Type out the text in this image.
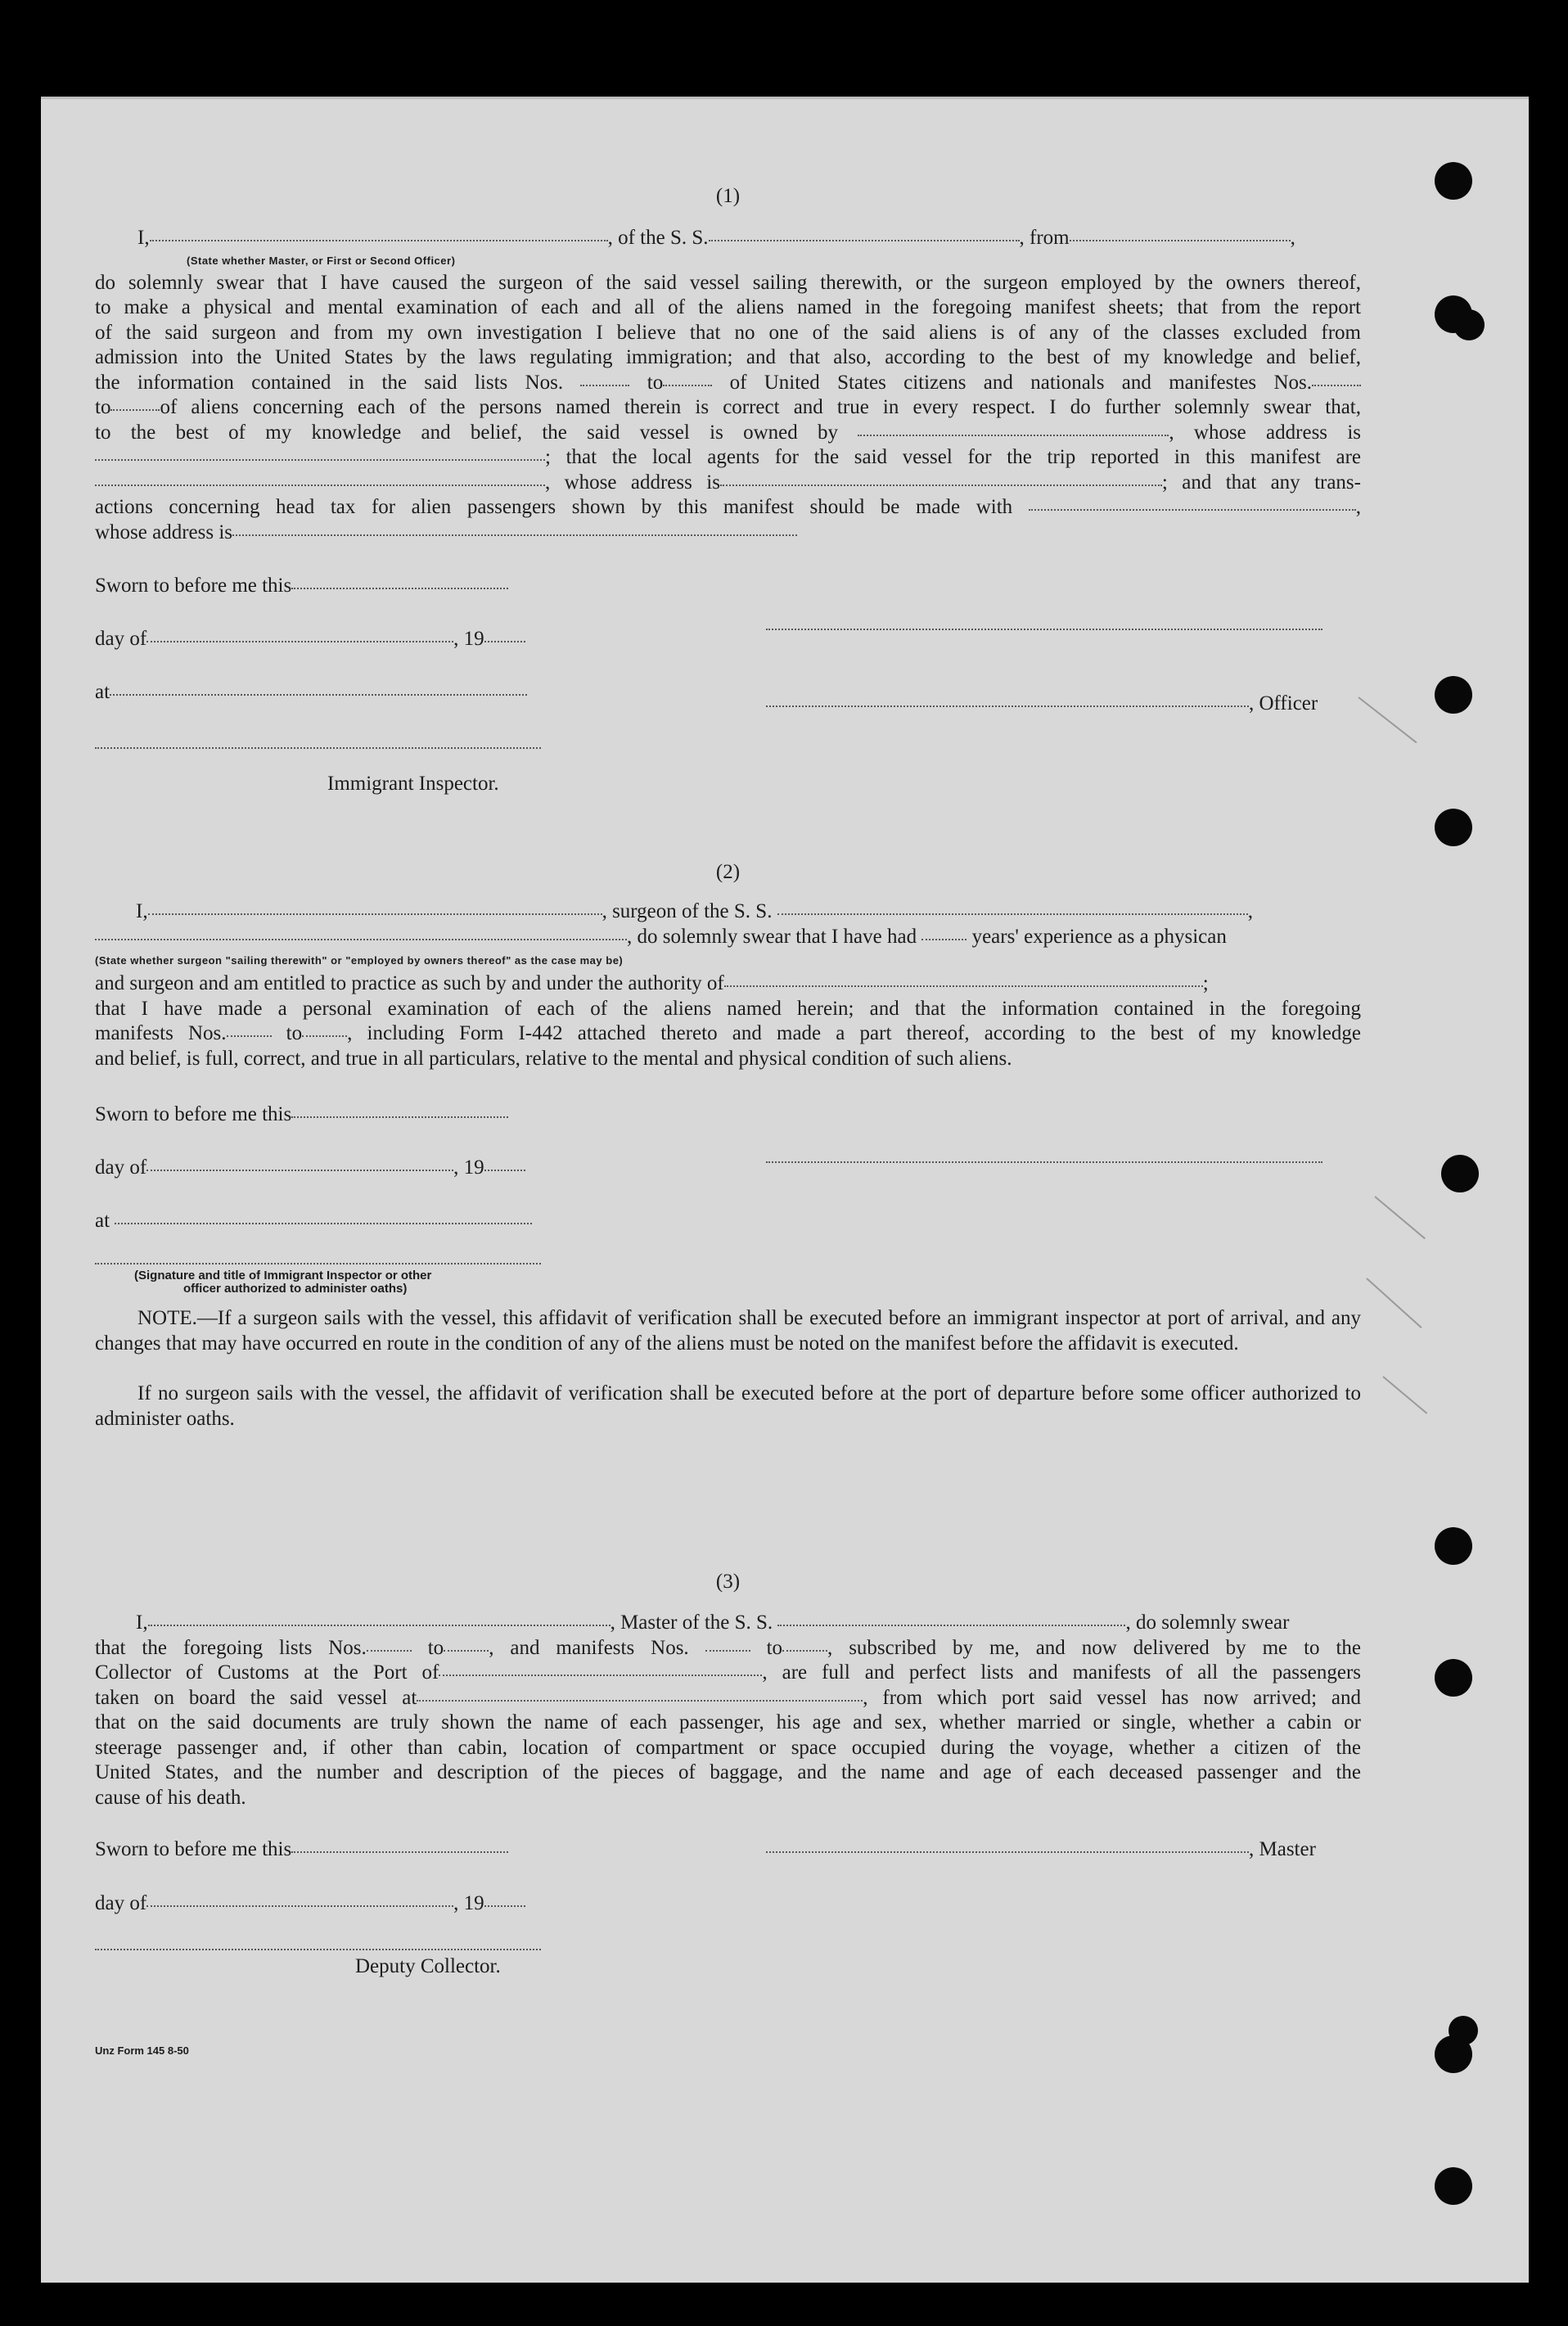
(1)
I,	, of the S. S.	, from	,
(State whether Master, or First or Second Officer)
do solemnly swear that I have caused the surgeon of the said vessel sailing therewith, or the surgeon employed by the owners thereof,
to make a physical and mental examination of each and all of the aliens named in the foregoing manifest sheets; that from the report
of the said surgeon and from my own investigation I believe that no one of the said aliens is of any of the classes excluded from
admission into the United States by the laws regulating immigration; and that also, according to the best of my knowledge and belief,
the information contained in the said lists Nos.	to	of United States citizens and nationals and manifestes Nos.
to of aliens concerning each of the persons named therein is correct and true in every respect. I do further solemnly swear that,
to the best of my knowledge and belief, the said vessel is owned by	, whose address is
; that the local agents for the said vessel for the trip reported in this manifest are
, whose address is	; and that any trans-
actions concerning head tax for alien passengers shown by this manifest should be made with	,
whose address is
Sworn to before me this
day of	, 19
at
, Officer
Immigrant Inspector.
(2)
I,	, surgeon of the S. S.	,
, do solemnly swear that I have had	years' experience as a physican
(State whether surgeon "sailing therewith" or "employed by owners thereof" as the case may be)
and surgeon and am entitled to practice as such by and under the authority of	;
that I have made a personal examination of each of the aliens named herein; and that the information contained in the foregoing
manifests Nos.	to , including Form I-442 attached thereto and made a part thereof, according to the best of my knowledge
and belief, is full, correct, and true in all particulars, relative to the mental and physical condition of such aliens.
Sworn to before me this
day of	, 19
at
(Signature and title of Immigrant Inspector or other
officer authorized to administer oaths)
NOTE.—If a surgeon sails with the vessel, this affidavit of verification shall be executed before an immigrant inspector at port of arrival, and any changes that may have occurred en route in the condition of any of the aliens must be noted on the manifest before the affidavit is executed.
If no surgeon sails with the vessel, the affidavit of verification shall be executed before at the port of departure before some officer authorized to administer oaths.
(3)
I,	, Master of the S. S.	, do solemnly swear
that the foregoing lists Nos.	to , and manifests Nos.	to , subscribed by me, and now delivered by me to the
Collector of Customs at the Port of	, are full and perfect lists and manifests of all the passengers
taken on board the said vessel at	, from which port said vessel has now arrived; and
that on the said documents are truly shown the name of each passenger, his age and sex, whether married or single, whether a cabin or
steerage passenger and, if other than cabin, location of compartment or space occupied during the voyage, whether a citizen of the
United States, and the number and description of the pieces of baggage, and the name and age of each deceased passenger and the
cause of his death.
Sworn to before me this	, Master
day of	, 19
Deputy Collector.
Unz Form 145 8-50
